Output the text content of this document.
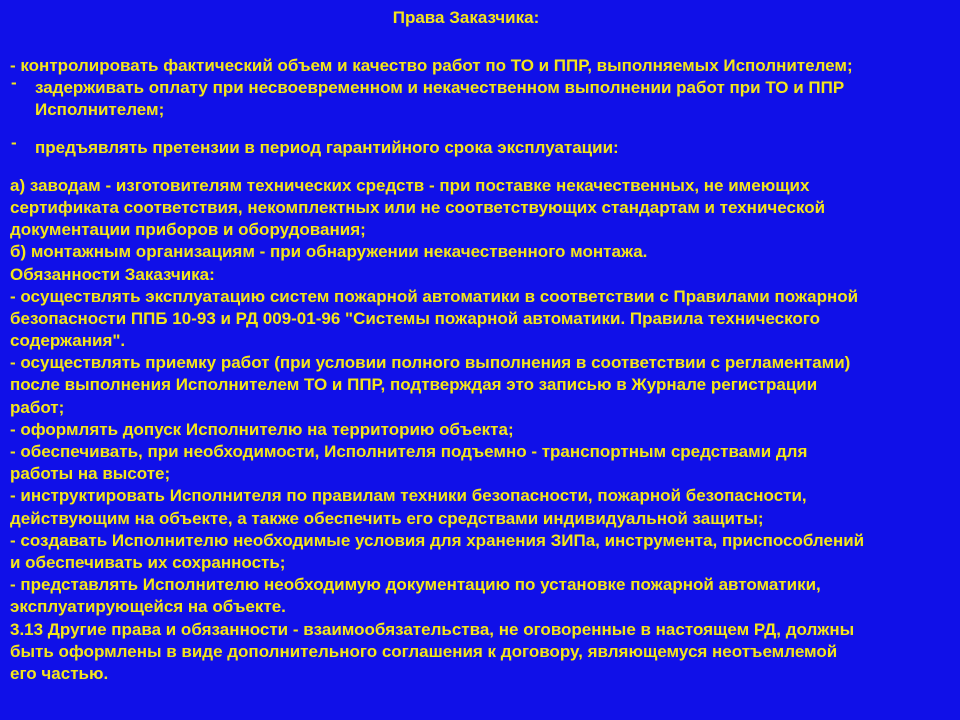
Права Заказчика:
- контролировать фактический объем и качество работ по ТО и ППР, выполняемых Исполнителем;
-	задерживать оплату при несвоевременном и некачественном выполнении работ при ТО и ППР
Исполнителем;
-	предъявлять претензии в период гарантийного срока эксплуатации:
а) заводам - изготовителям технических средств - при поставке некачественных, не имеющих
сертификата соответствия, некомплектных или не соответствующих стандартам и технической
документации приборов и оборудования;
б) монтажным организациям - при обнаружении некачественного монтажа.
Обязанности Заказчика:
- осуществлять эксплуатацию систем пожарной автоматики в соответствии с Правилами пожарной
безопасности ППБ 10-93 и РД 009-01-96 "Системы пожарной автоматики. Правила технического
содержания".
- осуществлять приемку работ (при условии полного выполнения в соответствии с регламентами)
после выполнения Исполнителем ТО и ППР, подтверждая это записью в Журнале регистрации
работ;
- оформлять допуск Исполнителю на территорию объекта;
- обеспечивать, при необходимости, Исполнителя подъемно - транспортным средствами для
работы на высоте;
- инструктировать Исполнителя по правилам техники безопасности, пожарной безопасности,
действующим на объекте, а также обеспечить его средствами индивидуальной защиты;
- создавать Исполнителю необходимые условия для хранения ЗИПа, инструмента, приспособлений
и обеспечивать их сохранность;
- представлять Исполнителю необходимую документацию по установке пожарной автоматики,
эксплуатирующейся на объекте.
3.13 Другие права и обязанности - взаимообязательства, не оговоренные в настоящем РД, должны
быть оформлены в виде дополнительного соглашения к договору, являющемуся неотъемлемой
его частью.
